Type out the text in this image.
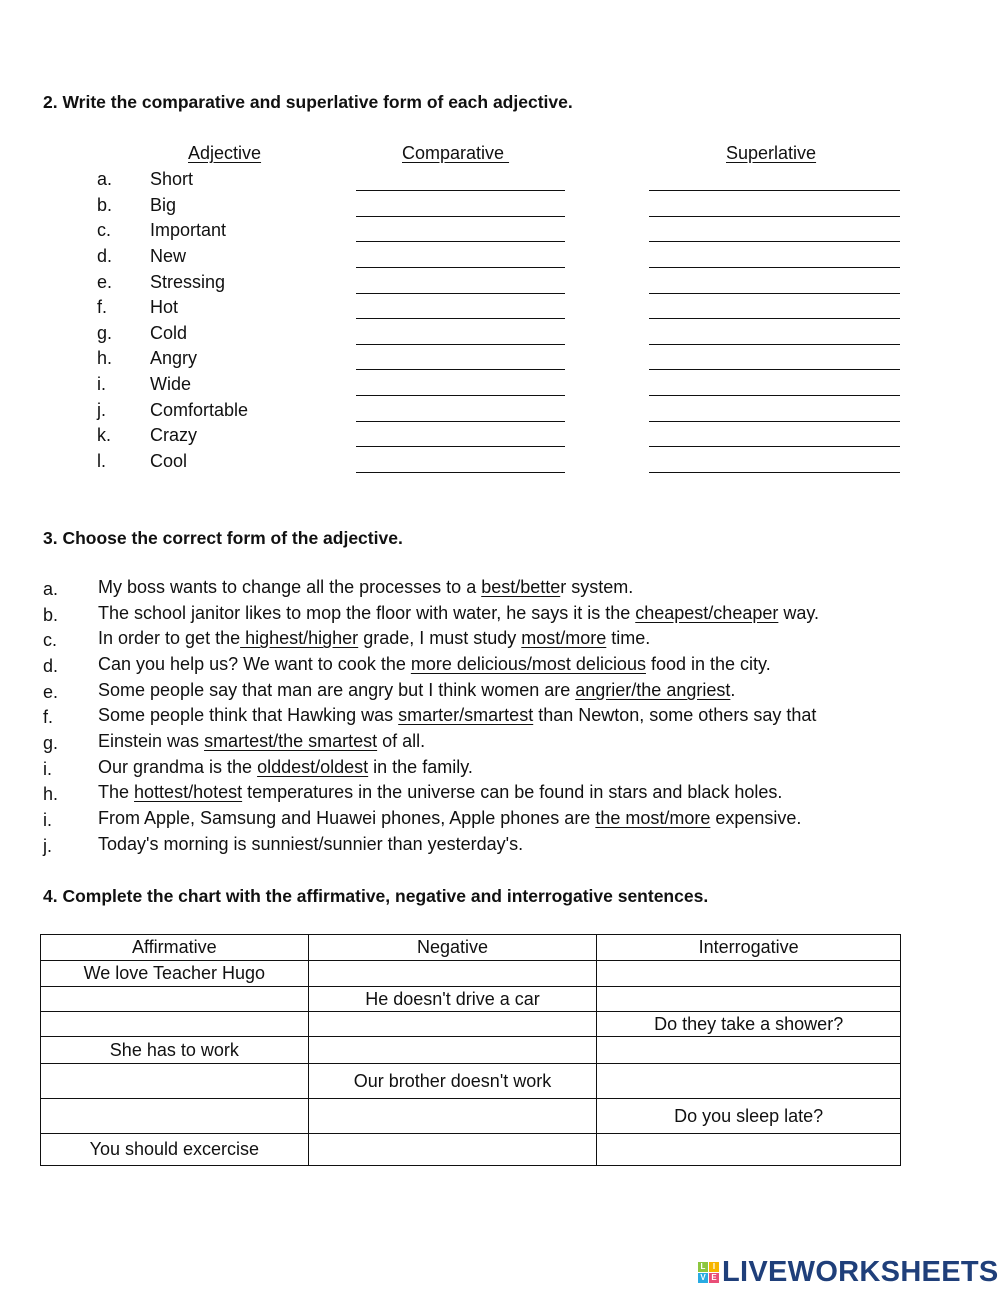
2. Write the comparative and superlative form of each adjective.
Adjective	Comparative	Superlative
a. Short
b. Big
c. Important
d. New
e. Stressing
f. Hot
g. Cold
h. Angry
i. Wide
j. Comfortable
k. Crazy
l. Cool
3. Choose the correct form of the adjective.
a. My boss wants to change all the processes to a best/better system.
b. The school janitor likes to mop the floor with water, he says it is the cheapest/cheaper way.
c. In order to get the highest/higher grade, I must study most/more time.
d. Can you help us? We want to cook the more delicious/most delicious food in the city.
e. Some people say that man are angry but I think women are angrier/the angriest.
f. Some people think that Hawking was smarter/smartest than Newton, some others say that
g. Einstein was smartest/the smartest of all.
i.	Our grandma is the olddest/oldest in the family.
h. The hottest/hotest temperatures in the universe can be found in stars and black holes.
i.	From Apple, Samsung and Huawei phones, Apple phones are the most/more expensive.
j.	Today's morning is sunniest/sunnier than yesterday's.
4. Complete the chart with the affirmative, negative and interrogative sentences.
Affirmative	Negative	Interrogative
We love Teacher Hugo		
	He doesn't drive a car	
		Do they take a shower?
She has to work		
	Our brother doesn't work	
		Do you sleep late?
You should excercise		
L I
V E LIVEWORKSHEETS
